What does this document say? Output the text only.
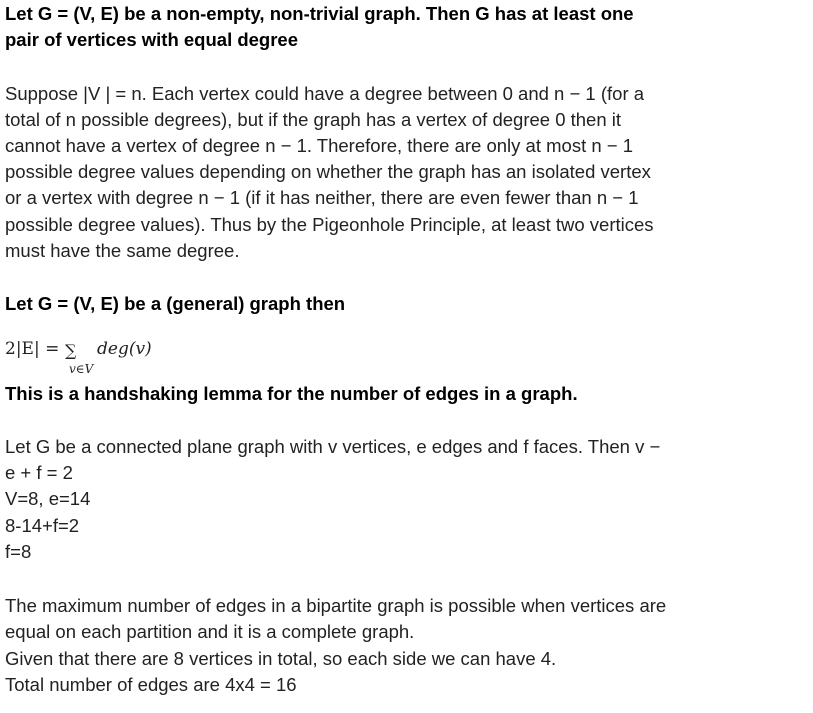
Let G = (V, E) be a non-empty, non-trivial graph. Then G has at least one
pair of vertices with equal degree
Suppose |V | = n. Each vertex could have a degree between 0 and n − 1 (for a
total of n possible degrees), but if the graph has a vertex of degree 0 then it
cannot have a vertex of degree n − 1. Therefore, there are only at most n − 1
possible degree values depending on whether the graph has an isolated vertex
or a vertex with degree n − 1 (if it has neither, there are even fewer than n − 1
possible degree values). Thus by the Pigeonhole Principle, at least two vertices
must have the same degree.
Let G = (V, E) be a (general) graph then
2|E| = ∑
v∈V
deg(v)
This is a handshaking lemma for the number of edges in a graph.
Let G be a connected plane graph with v vertices, e edges and f faces. Then v −
e + f = 2
V=8, e=14
8-14+f=2
f=8
The maximum number of edges in a bipartite graph is possible when vertices are
equal on each partition and it is a complete graph.
Given that there are 8 vertices in total, so each side we can have 4.
Total number of edges are 4x4 = 16
